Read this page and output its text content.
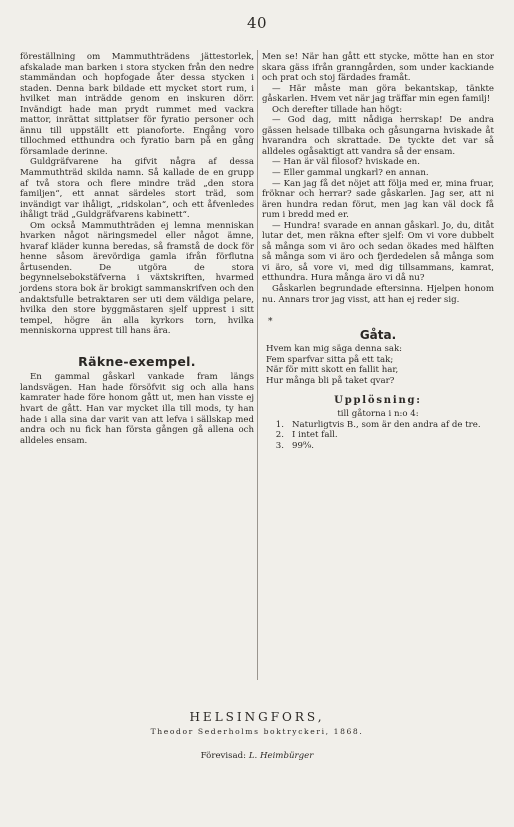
40

föreställning om Mammuthträdens jättestorlek, afskalade man barken i stora stycken från den nedre stammändan och hopfogade åter dessa stycken i staden. Denna bark bildade ett mycket stort rum, i hvilket man inträdde genom en inskuren dörr. Invändigt hade man prydt rummet med vackra mattor, inrättat sittplatser för fyratio personer och ännu till uppställt ett pianoforte. Engång voro tillochmed etthundra och fyratio barn på en gång församlade derinne.

Guldgräfvarene ha gifvit några af dessa Mammuthträd skilda namn. Så kallade de en grupp af två stora och flere mindre träd „den stora familjen“, ett annat särdeles stort träd, som invändigt var ihåligt, „ridskolan“, och ett åfvenledes ihåligt träd „Guldgräfvarens kabinett“.

Om också Mammuthträden ej lemna menniskan hvarken något näringsmedel eller något ämne, hvaraf kläder kunna beredas, så framstå de dock för henne såsom ärevördiga gamla ifrån förflutna årtusenden. De utgöra de stora begynnelsebokstäfverna i växtskriften, hvarmed jordens stora bok är brokigt sammanskrifven och den andaktsfulle betraktaren ser uti dem väldiga pelare, hvilka den store byggmästaren sjelf upprest i sitt tempel, högre än alla kyrkors torn, hvilka menniskorna upprest till hans ära.

Räkne-exempel.

En gammal gåskarl vankade fram längs landsvägen. Han hade försöfvit sig och alla hans kamrater hade före honom gått ut, men han visste ej hvart de gått. Han var mycket illa till mods, ty han hade i alla sina dar varit van att lefva i sällskap med andra och nu fick han första gången gå allena och alldeles ensam.

Men se! När han gått ett stycke, mötte han en stor skara gäss ifrån granngården, som under kackiande och prat och stoj färdades framåt.

— Här måste man göra bekantskap, tänkte gåskarlen. Hvem vet när jag träffar min egen familj!

Och derefter tillade han högt:

— God dag, mitt nådiga herrskap! De andra gässen helsade tillbaka och gåsungarna hviskade åt hvarandra och skrattade. De tyckte det var så alldeles ogåsaktigt att vandra så der ensam.

— Han är väl filosof? hviskade en.

— Eller gammal ungkarl? en annan.

— Kan jag få det nöjet att följa med er, mina fruar, fröknar och herrar? sade gåskarlen. Jag ser, att ni ären hundra redan förut, men jag kan väl dock få rum i bredd med er.

— Hundra! svarade en annan gåskarl. Jo, du, ditåt lutar det, men räkna efter sjelf: Om vi vore dubbelt så många som vi äro och sedan ökades med hälften så många som vi äro och fjerdedelen så många som vi äro, så vore vi, med dig tillsammans, kamrat, etthundra. Hura många äro vi då nu?

Gåskarlen begrundade eftersinna. Hjelpen honom nu. Annars tror jag visst, att han ej reder sig.

*
Gåta.
Hvem kan mig säga denna sak:
Fem sparfvar sitta på ett tak;
När för mitt skott en fallit har,
Hur många bli på taket qvar?
Upplösning:
till gåtorna i n:o 4:
1. Naturligtvis B., som är den andra af de tre.
2. I intet fall.
3. 99⁹⁄₉.
HELSINGFORS,
Theodor Sederholms boktryckeri, 1868.
Förevisad: L. Heimbürger
